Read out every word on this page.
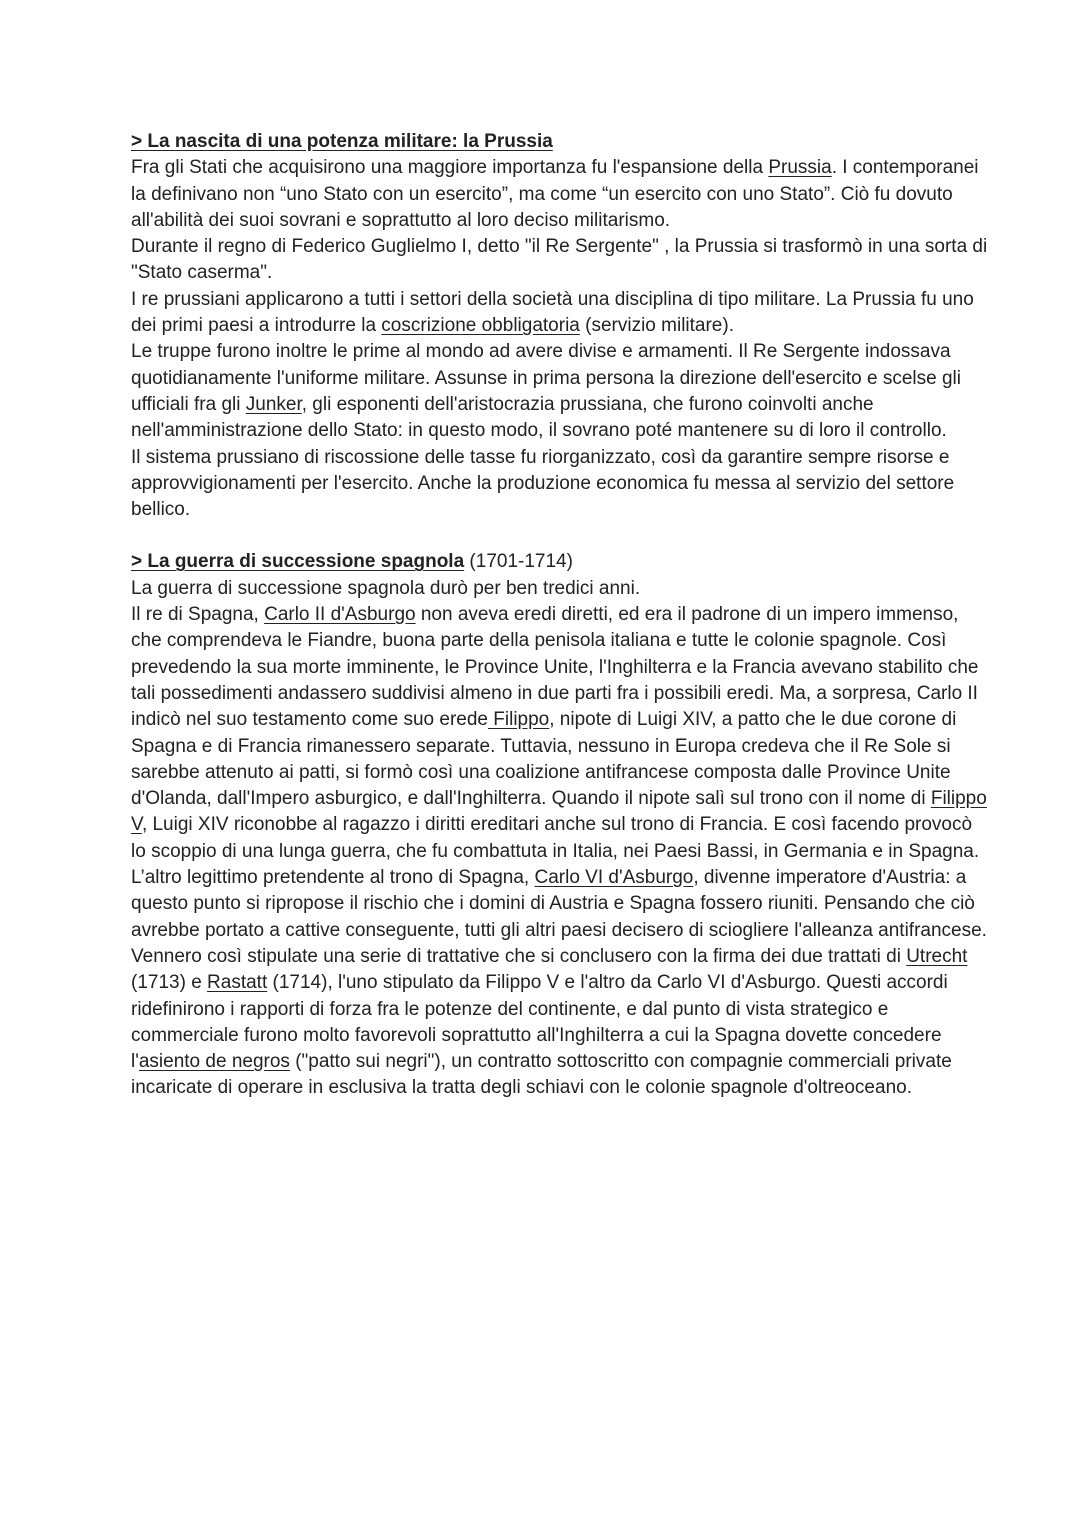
> La nascita di una potenza militare: la Prussia
Fra gli Stati che acquisirono una maggiore importanza fu l'espansione della Prussia. I contemporanei la definivano non “uno Stato con un esercito”, ma come “un esercito con uno Stato”. Ciò fu dovuto all'abilità dei suoi sovrani e soprattutto al loro deciso militarismo.
Durante il regno di Federico Guglielmo I, detto "il Re Sergente" , la Prussia si trasformò in una sorta di "Stato caserma".
I re prussiani applicarono a tutti i settori della società una disciplina di tipo militare. La Prussia fu uno dei primi paesi a introdurre la coscrizione obbligatoria (servizio militare).
Le truppe furono inoltre le prime al mondo ad avere divise e armamenti. Il Re Sergente indossava quotidianamente l'uniforme militare. Assunse in prima persona la direzione dell'esercito e scelse gli ufficiali fra gli Junker, gli esponenti dell'aristocrazia prussiana, che furono coinvolti anche nell'amministrazione dello Stato: in questo modo, il sovrano poté mantenere su di loro il controllo.
Il sistema prussiano di riscossione delle tasse fu riorganizzato, così da garantire sempre risorse e approvvigionamenti per l'esercito. Anche la produzione economica fu messa al servizio del settore bellico.
> La guerra di successione spagnola (1701-1714)
La guerra di successione spagnola durò per ben tredici anni.
Il re di Spagna, Carlo II d'Asburgo non aveva eredi diretti, ed era il padrone di un impero immenso, che comprendeva le Fiandre, buona parte della penisola italiana e tutte le colonie spagnole. Così prevedendo la sua morte imminente, le Province Unite, l'Inghilterra e la Francia avevano stabilito che tali possedimenti andassero suddivisi almeno in due parti fra i possibili eredi. Ma, a sorpresa, Carlo II indicò nel suo testamento come suo erede Filippo, nipote di Luigi XIV, a patto che le due corone di Spagna e di Francia rimanessero separate. Tuttavia, nessuno in Europa credeva che il Re Sole si sarebbe attenuto ai patti, si formò così una coalizione antifrancese composta dalle Province Unite d'Olanda, dall'Impero asburgico, e dall'Inghilterra. Quando il nipote salì sul trono con il nome di Filippo V, Luigi XIV riconobbe al ragazzo i diritti ereditari anche sul trono di Francia. E così facendo provocò lo scoppio di una lunga guerra, che fu combattuta in Italia, nei Paesi Bassi, in Germania e in Spagna.
L’altro legittimo pretendente al trono di Spagna, Carlo VI d'Asburgo, divenne imperatore d'Austria: a questo punto si ripropose il rischio che i domini di Austria e Spagna fossero riuniti. Pensando che ciò avrebbe portato a cattive conseguente, tutti gli altri paesi decisero di sciogliere l'alleanza antifrancese. Vennero così stipulate una serie di trattative che si conclusero con la firma dei due trattati di Utrecht (1713) e Rastatt (1714), l'uno stipulato da Filippo V e l'altro da Carlo VI d'Asburgo. Questi accordi ridefinirono i rapporti di forza fra le potenze del continente, e dal punto di vista strategico e commerciale furono molto favorevoli soprattutto all'Inghilterra a cui la Spagna dovette concedere l'asiento de negros ("patto sui negri"), un contratto sottoscritto con compagnie commerciali private incaricate di operare in esclusiva la tratta degli schiavi con le colonie spagnole d'oltreoceano.
